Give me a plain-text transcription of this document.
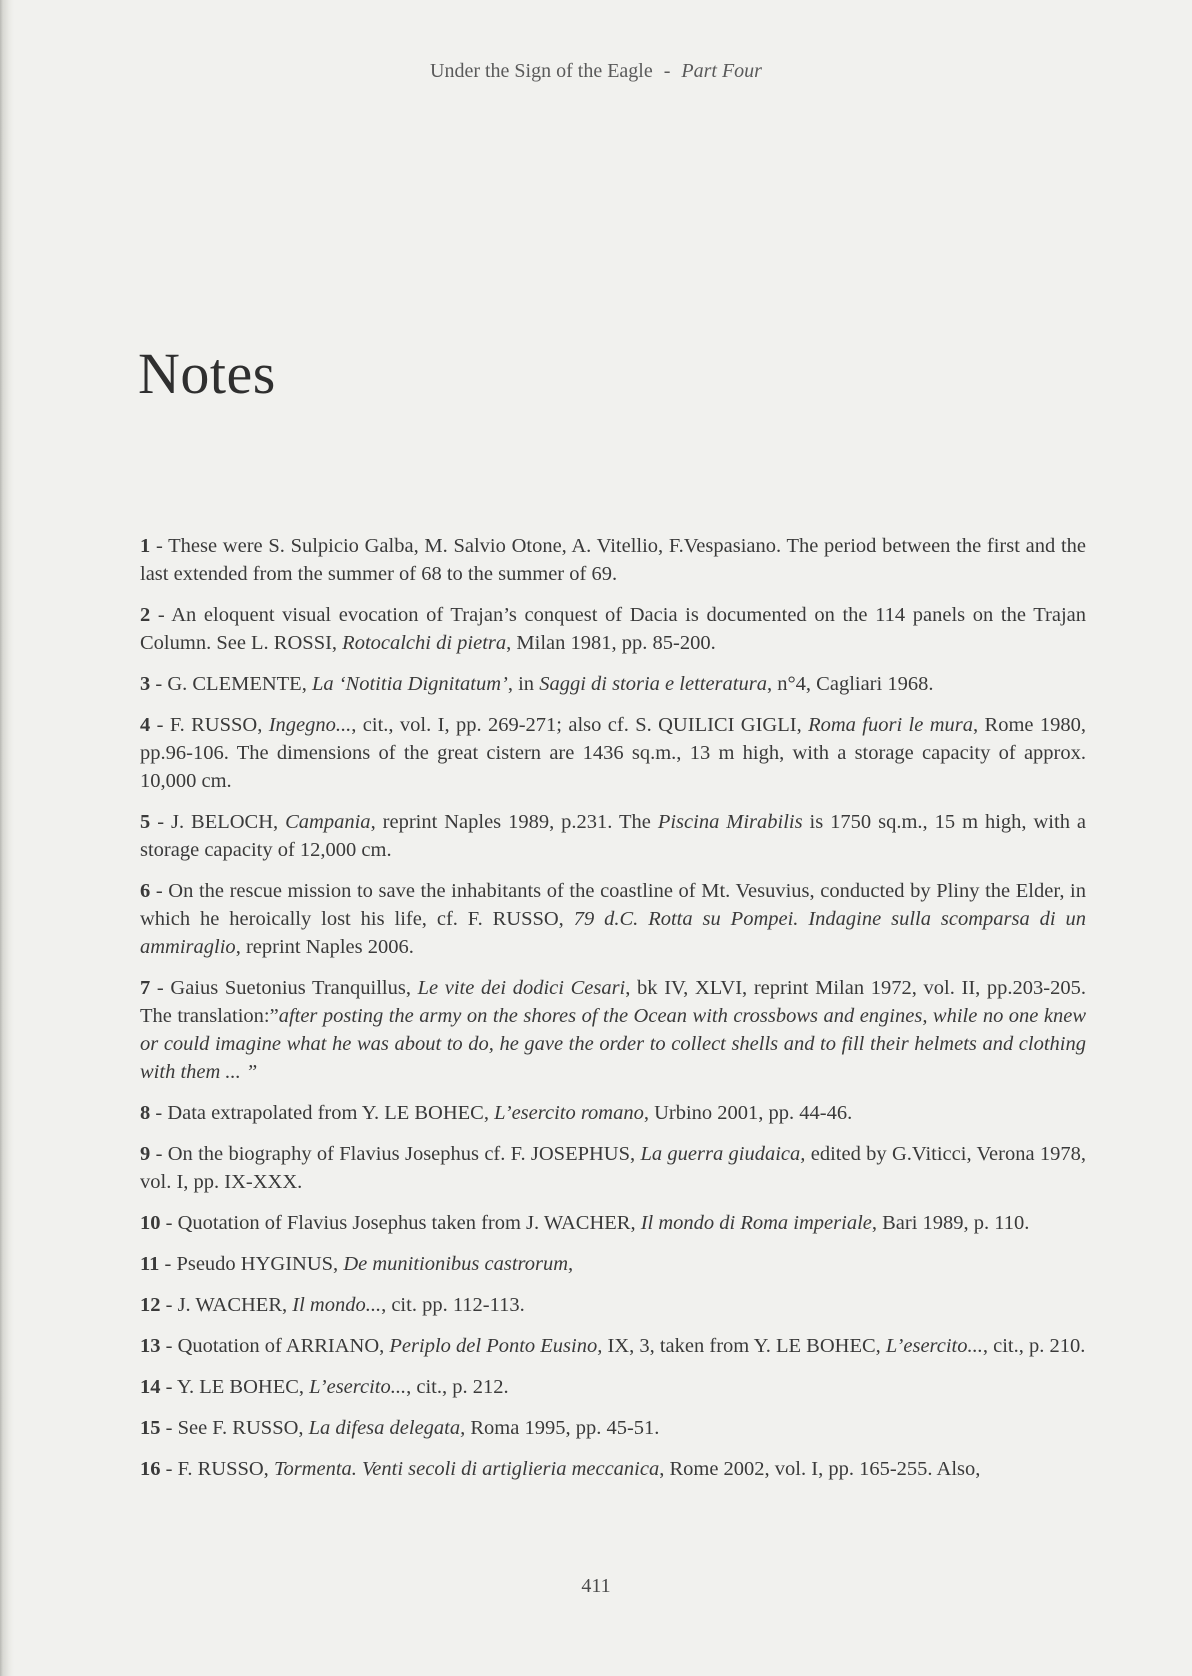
Under the Sign of the Eagle - Part Four
Notes

1 - These were S. Sulpicio Galba, M. Salvio Otone, A. Vitellio, F.Vespasiano. The period between the first and the last extended from the summer of 68 to the summer of 69.

2 - An eloquent visual evocation of Trajan’s conquest of Dacia is documented on the 114 panels on the Trajan Column. See L. ROSSI, Rotocalchi di pietra, Milan 1981, pp. 85-200.

3 - G. CLEMENTE, La ‘Notitia Dignitatum’, in Saggi di storia e letteratura, n°4, Cagliari 1968.

4 - F. RUSSO, Ingegno..., cit., vol. I, pp. 269-271; also cf. S. QUILICI GIGLI, Roma fuori le mura, Rome 1980, pp.96-106. The dimensions of the great cistern are 1436 sq.m., 13 m high, with a storage capacity of approx. 10,000 cm.

5 - J. BELOCH, Campania, reprint Naples 1989, p.231. The Piscina Mirabilis is 1750 sq.m., 15 m high, with a storage capacity of 12,000 cm.

6 - On the rescue mission to save the inhabitants of the coastline of Mt. Vesuvius, conducted by Pliny the Elder, in which he heroically lost his life, cf. F. RUSSO, 79 d.C. Rotta su Pompei. Indagine sulla scomparsa di un ammiraglio, reprint Naples 2006.

7 - Gaius Suetonius Tranquillus, Le vite dei dodici Cesari, bk IV, XLVI, reprint Milan 1972, vol. II, pp.203-205. The translation:”after posting the army on the shores of the Ocean with crossbows and engines, while no one knew or could imagine what he was about to do, he gave the order to collect shells and to fill their helmets and clothing with them ... ”

8 - Data extrapolated from Y. LE BOHEC, L’esercito romano, Urbino 2001, pp. 44-46.

9 - On the biography of Flavius Josephus cf. F. JOSEPHUS, La guerra giudaica, edited by G.Viticci, Verona 1978, vol. I, pp. IX-XXX.

10 - Quotation of Flavius Josephus taken from J. WACHER, Il mondo di Roma imperiale, Bari 1989, p. 110.

11 - Pseudo HYGINUS, De munitionibus castrorum,

12 - J. WACHER, Il mondo..., cit. pp. 112-113.

13 - Quotation of ARRIANO, Periplo del Ponto Eusino, IX, 3, taken from Y. LE BOHEC, L’esercito..., cit., p. 210.

14 - Y. LE BOHEC, L’esercito..., cit., p. 212.

15 - See F. RUSSO, La difesa delegata, Roma 1995, pp. 45-51.

16 - F. RUSSO, Tormenta. Venti secoli di artiglieria meccanica, Rome 2002, vol. I, pp. 165-255. Also,

411
